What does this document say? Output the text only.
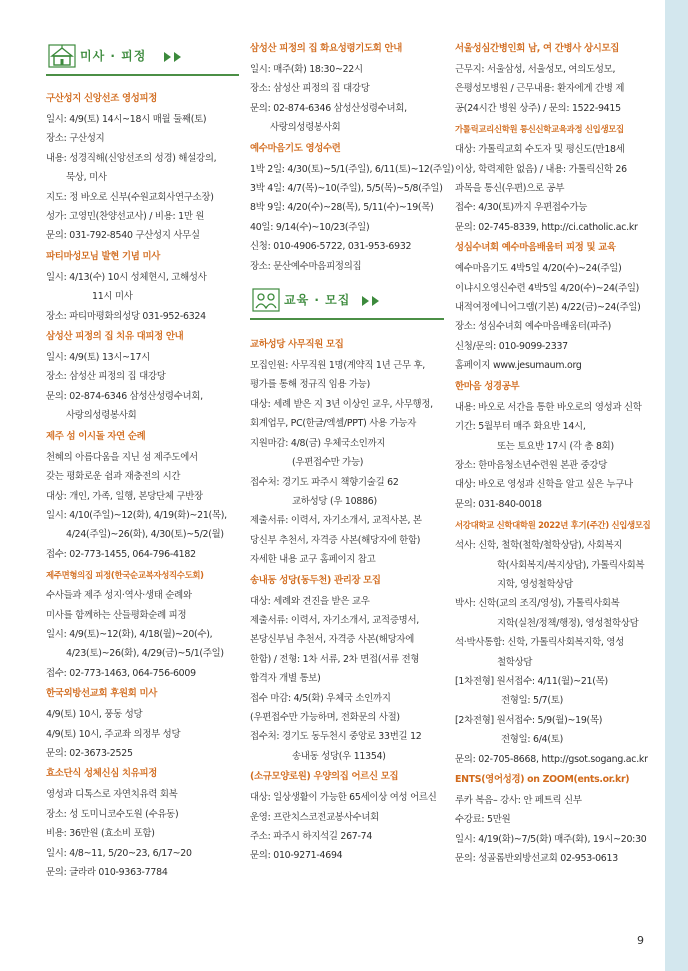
미사 · 피정
구산성지 신앙선조 영성피정
일시: 4/9(토) 14시~18시 매월 둘째(토)
장소: 구산성지
내용: 성경직해(신앙선조의 성경) 해설강의,
묵상, 미사
지도: 정 바오로 신부(수원교회사연구소장)
성가: 고영민(찬양선교사) / 비용: 1만 원
문의: 031-792-8540 구산성지 사무실
파티마성모님 발현 기념 미사
일시: 4/13(수) 10시 성체현시, 고해성사
11시 미사
장소: 파티마평화의성당 031-952-6324
삼성산 피정의 집 치유 대피정 안내
일시: 4/9(토) 13시~17시
장소: 삼성산 피정의 집 대강당
문의: 02-874-6346 삼성산성령수녀회,
사랑의성령봉사회
제주 섬 이시돌 자연 순례
천혜의 아름다움을 지닌 섬 제주도에서
갖는 평화로운 쉼과 재충전의 시간
대상: 개인, 가족, 일행, 본당단체 구반장
일시: 4/10(주일)~12(화), 4/19(화)~21(목),
4/24(주일)~26(화), 4/30(토)~5/2(월)
접수: 02-773-1455, 064-796-4182
제주면형의집 피정(한국순교복자성직수도회)
수사들과 제주 성지·역사·생태 순례와
미사를 함께하는 산들평화순례 피정
일시: 4/9(토)~12(화), 4/18(월)~20(수),
4/23(토)~26(화), 4/29(금)~5/1(주일)
접수: 02-773-1463, 064-756-6009
한국외방선교회 후원회 미사
4/9(토) 10시, 풍동 성당
4/9(토) 10시, 주교좌 의정부 성당
문의: 02-3673-2525
효소단식 성체신심 치유피정
영성과 디톡스로 자연치유력 회복
장소: 성 도미니코수도원 (수유동)
비용: 36만원 (효소비 포함)
일시: 4/8~11, 5/20~23, 6/17~20
문의: 글라라 010-9363-7784
삼성산 피정의 집 화요성령기도회 안내
일시: 매주(화) 18:30~22시
장소: 삼성산 피정의 집 대강당
문의: 02-874-6346 삼성산성령수녀회,
사랑의성령봉사회
예수마음기도 영성수련
1박 2일: 4/30(토)~5/1(주일), 6/11(토)~12(주일)
3박 4일: 4/7(목)~10(주일), 5/5(목)~5/8(주일)
8박 9일: 4/20(수)~28(목), 5/11(수)~19(목)
40일: 9/14(수)~10/23(주일)
신청: 010-4906-5722, 031-953-6932
장소: 문산예수마음피정의집
교육 · 모집
교하성당 사무직원 모집
모집인원: 사무직원 1명(계약직 1년 근무 후,
평가를 통해 정규직 임용 가능)
대상: 세례 받은 지 3년 이상인 교우, 사무행정,
회계업무, PC(한글/엑셀/PPT) 사용 가능자
지원마감: 4/8(금) 우체국소인까지
(우편접수만 가능)
접수처: 경기도 파주시 책향기술길 62
교하성당 (우 10886)
제출서류: 이력서, 자기소개서, 교적사본, 본
당신부 추천서, 자격증 사본(해당자에 한함)
자세한 내용 교구 홈페이지 참고
송내동 성당(동두천) 관리장 모집
대상: 세례와 견진을 받은 교우
제출서류: 이력서, 자기소개서, 교적증명서,
본당신부님 추천서, 자격증 사본(해당자에
한함) / 전형: 1차 서류, 2차 면접(서류 전형
합격자 개별 통보)
접수 마감: 4/5(화) 우체국 소인까지
(우편접수만 가능하며, 전화문의 사절)
접수처: 경기도 동두천시 중앙로 33번길 12
송내동 성당(우 11354)
(소규모양로원) 우양의집 어르신 모집
대상: 일상생활이 가능한 65세이상 여성 어르신
운영: 프란치스코전교봉사수녀회
주소: 파주시 하지석길 267-74
문의: 010-9271-4694
서울성심간병인회 남, 여 간병사 상시모집
근무지: 서울삼성, 서울성모, 여의도성모,
은평성모병원 / 근무내용: 환자에게 간병 제
공(24시간 병원 상주) / 문의: 1522-9415
가톨릭교리신학원 통신신학교육과정 신입생모집
대상: 가톨릭교회 수도자 및 평신도(만18세
이상, 학력제한 없음) / 내용: 가톨릭신학 26
과목을 통신(우편)으로 공부
접수: 4/30(토)까지 우편접수가능
문의: 02-745-8339, http://ci.catholic.ac.kr
성심수녀회 예수마음배움터 피정 및 교육
예수마음기도 4박5일 4/20(수)~24(주일)
이냐시오영신수련 4박5일 4/20(수)~24(주일)
내적여정에니어그램(기본) 4/22(금)~24(주일)
장소: 성심수녀회 예수마음배움터(파주)
신청/문의: 010-9099-2337
홈페이지 www.jesumaum.org
한마음 성경공부
내용: 바오로 서간을 통한 바오로의 영성과 신학
기간: 5월부터 매주 화요반 14시,
또는 토요반 17시 (각 총 8회)
장소: 한마음청소년수련원 본관 중강당
대상: 바오로 영성과 신학을 알고 싶은 누구나
문의: 031-840-0018
서강대학교 신학대학원 2022년 후기(주간) 신입생모집
석사: 신학, 철학(철학/철학상담), 사회복지
학(사회복지/복지상담), 가톨릭사회복
지학, 영성철학상담
박사: 신학(교의 조직/영성), 가톨릭사회복
지학(실천/정책/행정), 영성철학상담
석·박사통합: 신학, 가톨릭사회복지학, 영성
철학상담
[1차전형] 원서접수: 4/11(월)~21(목)
전형일: 5/7(토)
[2차전형] 원서접수: 5/9(월)~19(목)
전형일: 6/4(토)
문의: 02-705-8668, http://gsot.sogang.ac.kr
ENTS(영어성경) on ZOOM(ents.or.kr)
루카 복음– 강사: 안 페트릭 신부
수강료: 5만원
일시: 4/19(화)~7/5(화) 매주(화), 19시~20:30
문의: 성골롬반외방선교회 02-953-0613
9
